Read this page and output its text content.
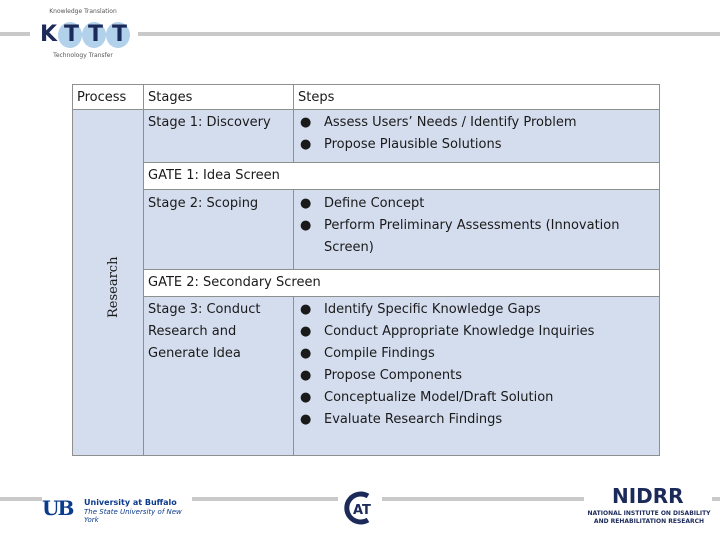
Knowledge Translation
K T T T
Technology Transfer
Process Stages	Steps
Research
Stage 1: Discovery ● Assess Users’ Needs / Identify Problem
● Propose Plausible Solutions
GATE 1: Idea Screen
Stage 2: Scoping	● Define Concept
● Perform Preliminary Assessments (Innovation Screen)
GATE 2: Secondary Screen
Stage 3: Conduct Research and Generate Idea
● Identify Specific Knowledge Gaps
● Conduct Appropriate Knowledge Inquiries
● Compile Findings
● Propose Components
● Conceptualize Model/Draft Solution
● Evaluate Research Findings
UB University at Buffalo
The State University of New York
AT
NIDRR
NATIONAL INSTITUTE ON DISABILITY
AND REHABILITATION RESEARCH
